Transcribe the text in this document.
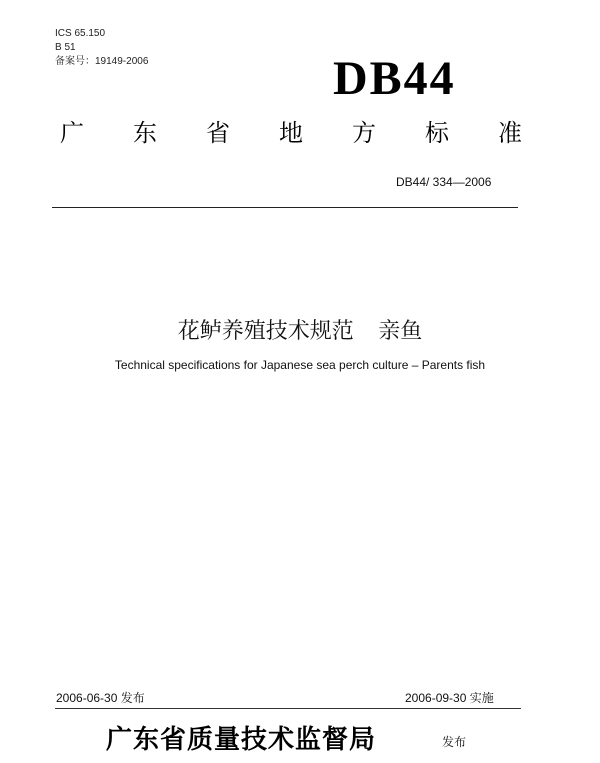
ICS 65.150
B 51
备案号：19149-2006	DB44
广 东 省 地 方 标 准
DB44/ 334—2006
花鲈养殖技术规范    亲鱼
Technical specifications for Japanese sea perch culture – Parents fish
2006-06-30 发布	2006-09-30 实施
广东省质量技术监督局	发布
